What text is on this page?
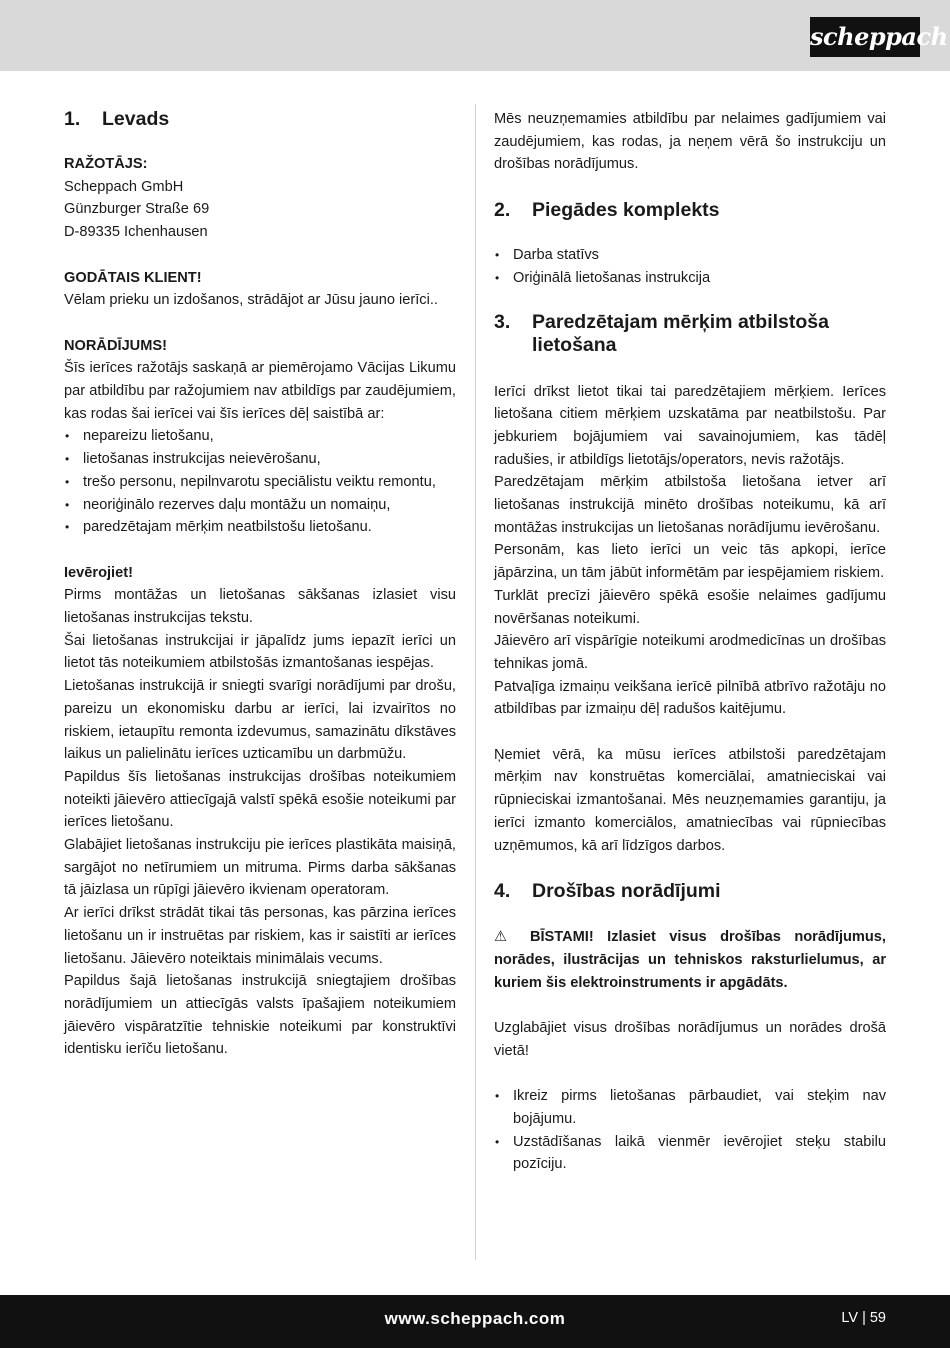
scheppach
1.	Levads

RAŽOTĀJS:

Scheppach GmbH

Günzburger Straße 69

D-89335 Ichenhausen

GODĀTAIS KLIENT!

Vēlam prieku un izdošanos, strādājot ar Jūsu jauno ierīci..

NORĀDĪJUMS!

Šīs ierīces ražotājs saskaņā ar piemērojamo Vācijas Likumu par atbildību par ražojumiem nav atbildīgs par zaudējumiem, kas rodas šai ierīcei vai šīs ierīces dēļ saistībā ar:

• nepareizu lietošanu,
• lietošanas instrukcijas neievērošanu,
• trešo personu, nepilnvarotu speciālistu veiktu remontu,
• neoriģinālo rezerves daļu montāžu un nomaiņu,
• paredzētajam mērķim neatbilstošu lietošanu.

Ievērojiet!

Pirms montāžas un lietošanas sākšanas izlasiet visu lietošanas instrukcijas tekstu.

Šai lietošanas instrukcijai ir jāpalīdz jums iepazīt ierīci un lietot tās noteikumiem atbilstošās izmantošanas iespējas.

Lietošanas instrukcijā ir sniegti svarīgi norādījumi par drošu, pareizu un ekonomisku darbu ar ierīci, lai izvairītos no riskiem, ietaupītu remonta izdevumus, samazinātu dīkstāves laikus un palielinātu ierīces uzticamību un darbmūžu.

Papildus šīs lietošanas instrukcijas drošības noteikumiem noteikti jāievēro attiecīgajā valstī spēkā esošie noteikumi par ierīces lietošanu.

Glabājiet lietošanas instrukciju pie ierīces plastikāta maisiņā, sargājot no netīrumiem un mitruma. Pirms darba sākšanas tā jāizlasa un rūpīgi jāievēro ikvienam operatoram.

Ar ierīci drīkst strādāt tikai tās personas, kas pārzina ierīces lietošanu un ir instruētas par riskiem, kas ir saistīti ar ierīces lietošanu. Jāievēro noteiktais minimālais vecums.

Papildus šajā lietošanas instrukcijā sniegtajiem drošības norādījumiem un attiecīgās valsts īpašajiem noteikumiem jāievēro vispāratzītie tehniskie noteikumi par konstruktīvi identisku ierīču lietošanu.

Mēs neuzņemamies atbildību par nelaimes gadījumiem vai zaudējumiem, kas rodas, ja neņem vērā šo instrukciju un drošības norādījumus.

2.	Piegādes komplekts
• Darba statīvs
• Oriģinālā lietošanas instrukcija
3.	Paredzētajam mērķim atbilstoša lietošana

Ierīci drīkst lietot tikai tai paredzētajiem mērķiem. Ierīces lietošana citiem mērķiem uzskatāma par neatbilstošu. Par jebkuriem bojājumiem vai savainojumiem, kas tādēļ radušies, ir atbildīgs lietotājs/operators, nevis ražotājs.

Paredzētajam mērķim atbilstoša lietošana ietver arī lietošanas instrukcijā minēto drošības noteikumu, kā arī montāžas instrukcijas un lietošanas norādījumu ievērošanu.

Personām, kas lieto ierīci un veic tās apkopi, ierīce jāpārzina, un tām jābūt informētām par iespējamiem riskiem.

Turklāt precīzi jāievēro spēkā esošie nelaimes gadījumu novēršanas noteikumi.

Jāievēro arī vispārīgie noteikumi arodmedicīnas un drošības tehnikas jomā.

Patvaļīga izmaiņu veikšana ierīcē pilnībā atbrīvo ražotāju no atbildības par izmaiņu dēļ radušos kaitējumu.

Ņemiet vērā, ka mūsu ierīces atbilstoši paredzētajam mērķim nav konstruētas komerciālai, amatnieciskai vai rūpnieciskai izmantošanai. Mēs neuzņemamies garantiju, ja ierīci izmanto komerciālos, amatniecības vai rūpniecības uzņēmumos, kā arī līdzīgos darbos.

4.	Drošības norādījumi

⚠ BĪSTAMI! Izlasiet visus drošības norādījumus, norādes, ilustrācijas un tehniskos raksturlielumus, ar kuriem šis elektroinstruments ir apgādāts.

Uzglabājiet visus drošības norādījumus un norādes drošā vietā!

• Ikreiz pirms lietošanas pārbaudiet, vai steķim nav bojājumu.
• Uzstādīšanas laikā vienmēr ievērojiet steķu stabilu pozīciju.
www.scheppach.com	LV | 59
